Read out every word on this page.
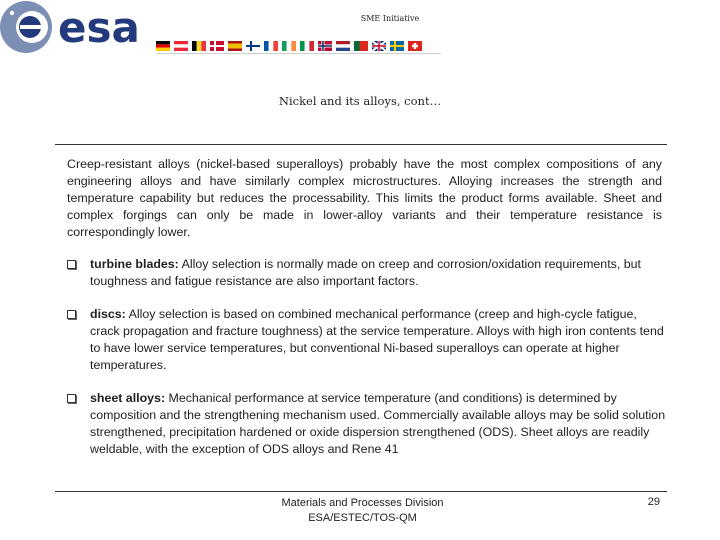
esa	SME Initiative
Nickel and its alloys, cont…

Creep-resistant alloys (nickel-based superalloys) probably have the most complex compositions of any engineering alloys and have similarly complex microstructures. Alloying increases the strength and temperature capability but reduces the processability. This limits the product forms available. Sheet and complex forgings can only be made in lower-alloy variants and their temperature resistance is correspondingly lower.

turbine blades: Alloy selection is normally made on creep and corrosion/oxidation requirements, but toughness and fatigue resistance are also important factors.
discs: Alloy selection is based on combined mechanical performance (creep and high-cycle fatigue, crack propagation and fracture toughness) at the service temperature. Alloys with high iron contents tend to have lower service temperatures, but conventional Ni-based superalloys can operate at higher temperatures.
sheet alloys: Mechanical performance at service temperature (and conditions) is determined by composition and the strengthening mechanism used. Commercially available alloys may be solid solution strengthened, precipitation hardened or oxide dispersion strengthened (ODS). Sheet alloys are readily weldable, with the exception of ODS alloys and Rene 41
Materials and Processes Division
ESA/ESTEC/TOS-QM
29
